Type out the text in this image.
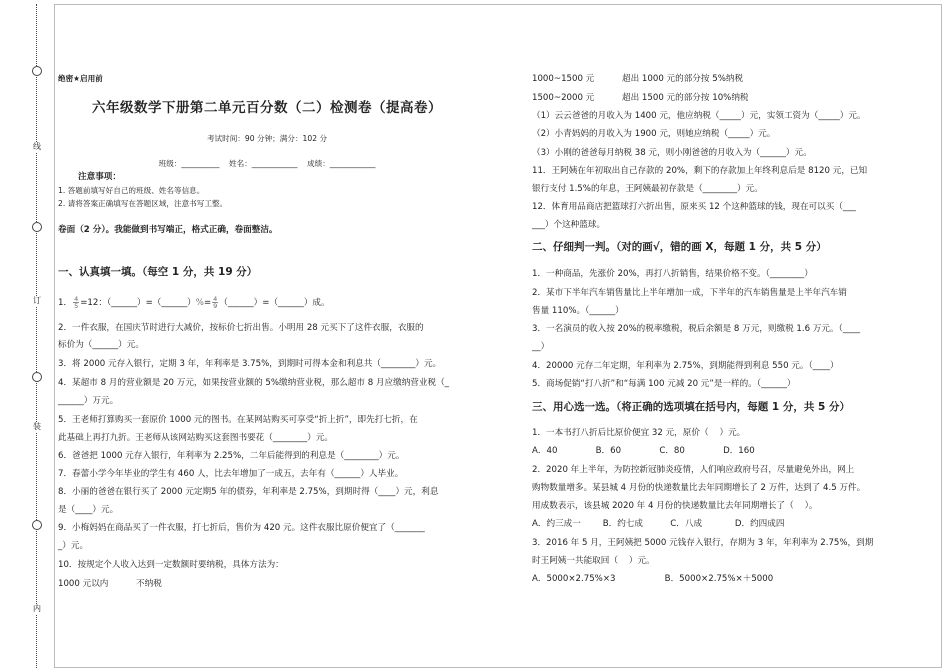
线
订
装
内
绝密★启用前
六年级数学下册第二单元百分数（二）检测卷（提高卷）
考试时间：90 分钟；满分：102 分
班级：__________    姓名：____________    成绩：____________
注意事项：
1. 答题前填写好自己的班级、姓名等信息。
2. 请将答案正确填写在答题区域，注意书写工整。
卷面（2 分）。我能做到书写端正，格式正确，卷面整洁。
一、认真填一填。（每空 1 分，共 19 分）
1． $\frac{4}{5} =12$：（______）=（______）%= $\frac{4}{9}$ （______）=（______）成。
2．一件衣服，在国庆节时进行大减价，按标价七折出售。小明用 28 元买下了这件衣服，衣服的
标价为（______）元。
3．将 2000 元存入银行，定期 3 年，年利率是 3.75%，到期时可得本金和利息共（________）元。
4．某超市 8 月的营业额是 20 万元，如果按营业额的 5%缴纳营业税，那么超市 8 月应缴纳营业税（_
______）万元。
5．王老师打算购买一套原价 1000 元的图书。在某网站购买可享受“折上折”，即先打七折，在
此基础上再打九折。王老师从该网站购买这套图书要花（________）元。
6．爸爸把 1000 元存入银行，年利率为 2.25%，二年后能得到的利息是（________）元。
7．春蕾小学今年毕业的学生有 460 人，比去年增加了一成五，去年有（______）人毕业。
8．小丽的爸爸在银行买了 2000 元定期5 年的债券，年利率是 2.75%，到期时得（____）元，利息
是（____）元。
9．小梅妈妈在商品买了一件衣服，打七折后，售价为 420 元。这件衣服比原价便宜了（_______
_）元。
10．按规定个人收入达到一定数额时要纳税，具体方法为：
1000 元以内	不纳税
1000~1500 元	超出 1000 元的部分按 5%纳税
1500~2000 元	超出 1500 元的部分按 10%纳税
（1）云云爸爸的月收入为 1400 元，他应纳税（_____）元，实领工资为（_____）元。
（2）小青妈妈的月收入为 1900 元，则她应纳税（_____）元。
（3）小刚的爸爸每月纳税 38 元，则小刚爸爸的月收入为（______）元。
11．王阿姨在年初取出自己存款的 20%，剩下的存款加上年终利息后是 8120 元，已知
银行支付 1.5%的年息，王阿姨最初存款是（________）元。
12．体育用品商店把篮球打六折出售，原来买 12 个这种篮球的钱，现在可以买（___
___）个这种篮球。
二、仔细判一判。（对的画√，错的画 X，每题 1 分，共 5 分）
1．一种商品，先涨价 20%，再打八折销售，结果价格不变。（________）
2．某市下半年汽车销售量比上半年增加一成，下半年的汽车销售量是上半年汽车销
售量 110%。（______）
3．一名演员的收入按 20%的税率缴税，税后余额是 8 万元，则缴税 1.6 万元。（____
__）
4．20000 元存二年定期，年利率为 2.75%，到期能得到利息 550 元。（____）
5．商场促销“打八折”和“每满 100 元减 20 元”是一样的。（______）
三、用心选一选。（将正确的选项填在括号内，每题 1 分，共 5 分）
1．一本书打八折后比原价便宜 32 元，原价（    ）元。
A．40              B．60              C．80              D．160
2．2020 年上半年，为防控新冠肺炎疫情，人们响应政府号召，尽量避免外出，网上
购物数量增多。某县城 4 月份的快递数量比去年同期增长了 2 万件，达到了 4.5 万件。
用成数表示，该县城 2020 年 4 月份的快递数量比去年同期增长了（    ）。
A．约三成一        B．约七成          C．八成            D．约四成四
3．2016 年 5 月，王阿姨把 5000 元钱存入银行，存期为 3 年，年利率为 2.75%，到期
时王阿姨一共能取回（    ）元。
A．5000×2.75%×3                  B．5000×2.75%×＋5000
